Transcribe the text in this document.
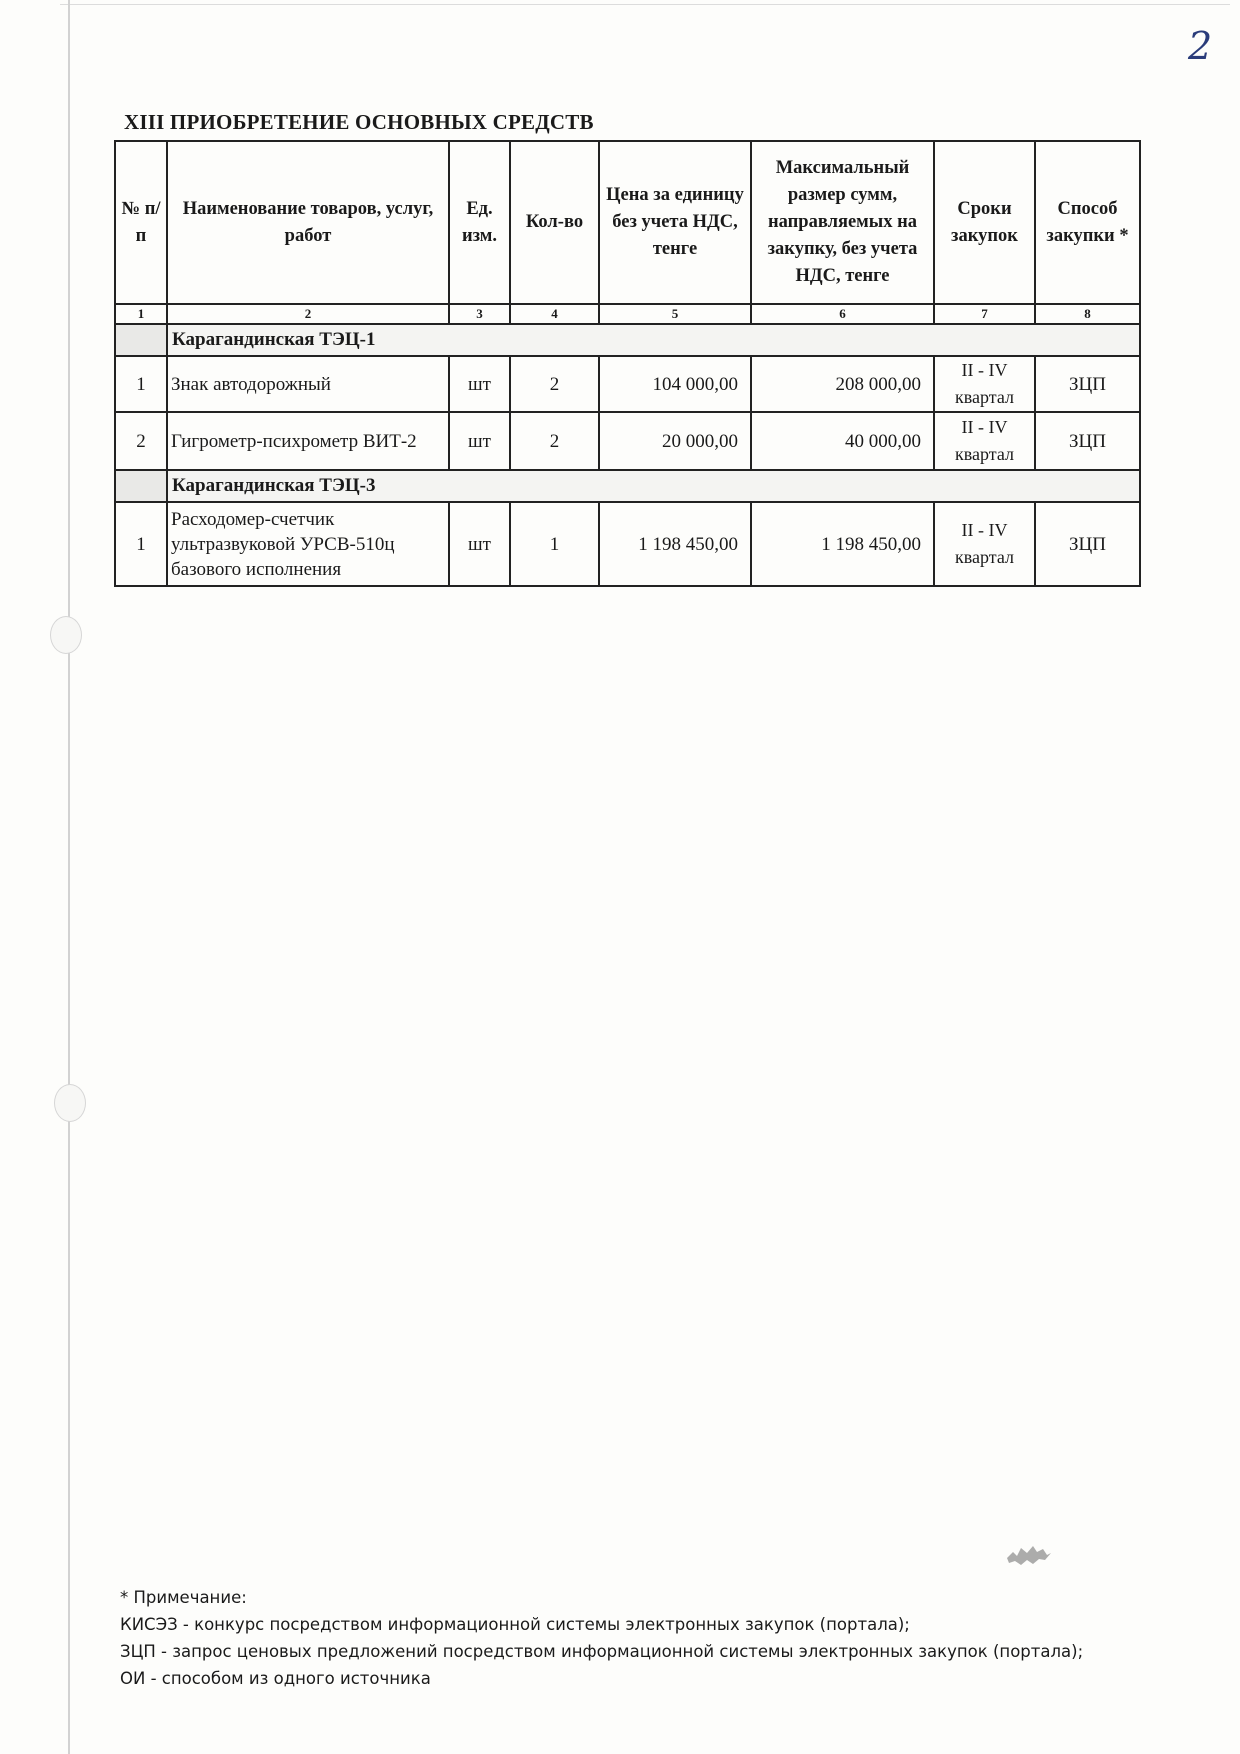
2
XIII ПРИОБРЕТЕНИЕ ОСНОВНЫХ СРЕДСТВ
№ п/п	Наименование товаров, услуг, работ	Ед. изм.	Кол-во	Цена за единицу без учета НДС, тенге	Максимальный размер сумм, направляемых на закупку, без учета НДС, тенге	Сроки закупок	Способ закупки *
1	2	3	4	5	6	7	8
	Карагандинская ТЭЦ-1						
1	Знак автодорожный	шт	2	104 000,00	208 000,00	II - IV квартал	ЗЦП
2	Гигрометр-психрометр ВИТ-2	шт	2	20 000,00	40 000,00	II - IV квартал	ЗЦП
	Карагандинская ТЭЦ-3						
1	Расходомер-счетчик ультразвуковой УРСВ-510ц базового исполнения	шт	1	1 198 450,00	1 198 450,00	II - IV квартал	ЗЦП
* Примечание:
КИСЭЗ - конкурс посредством информационной системы электронных закупок (портала);
ЗЦП - запрос ценовых предложений посредством информационной системы электронных закупок (портала);
ОИ - способом из одного источника
